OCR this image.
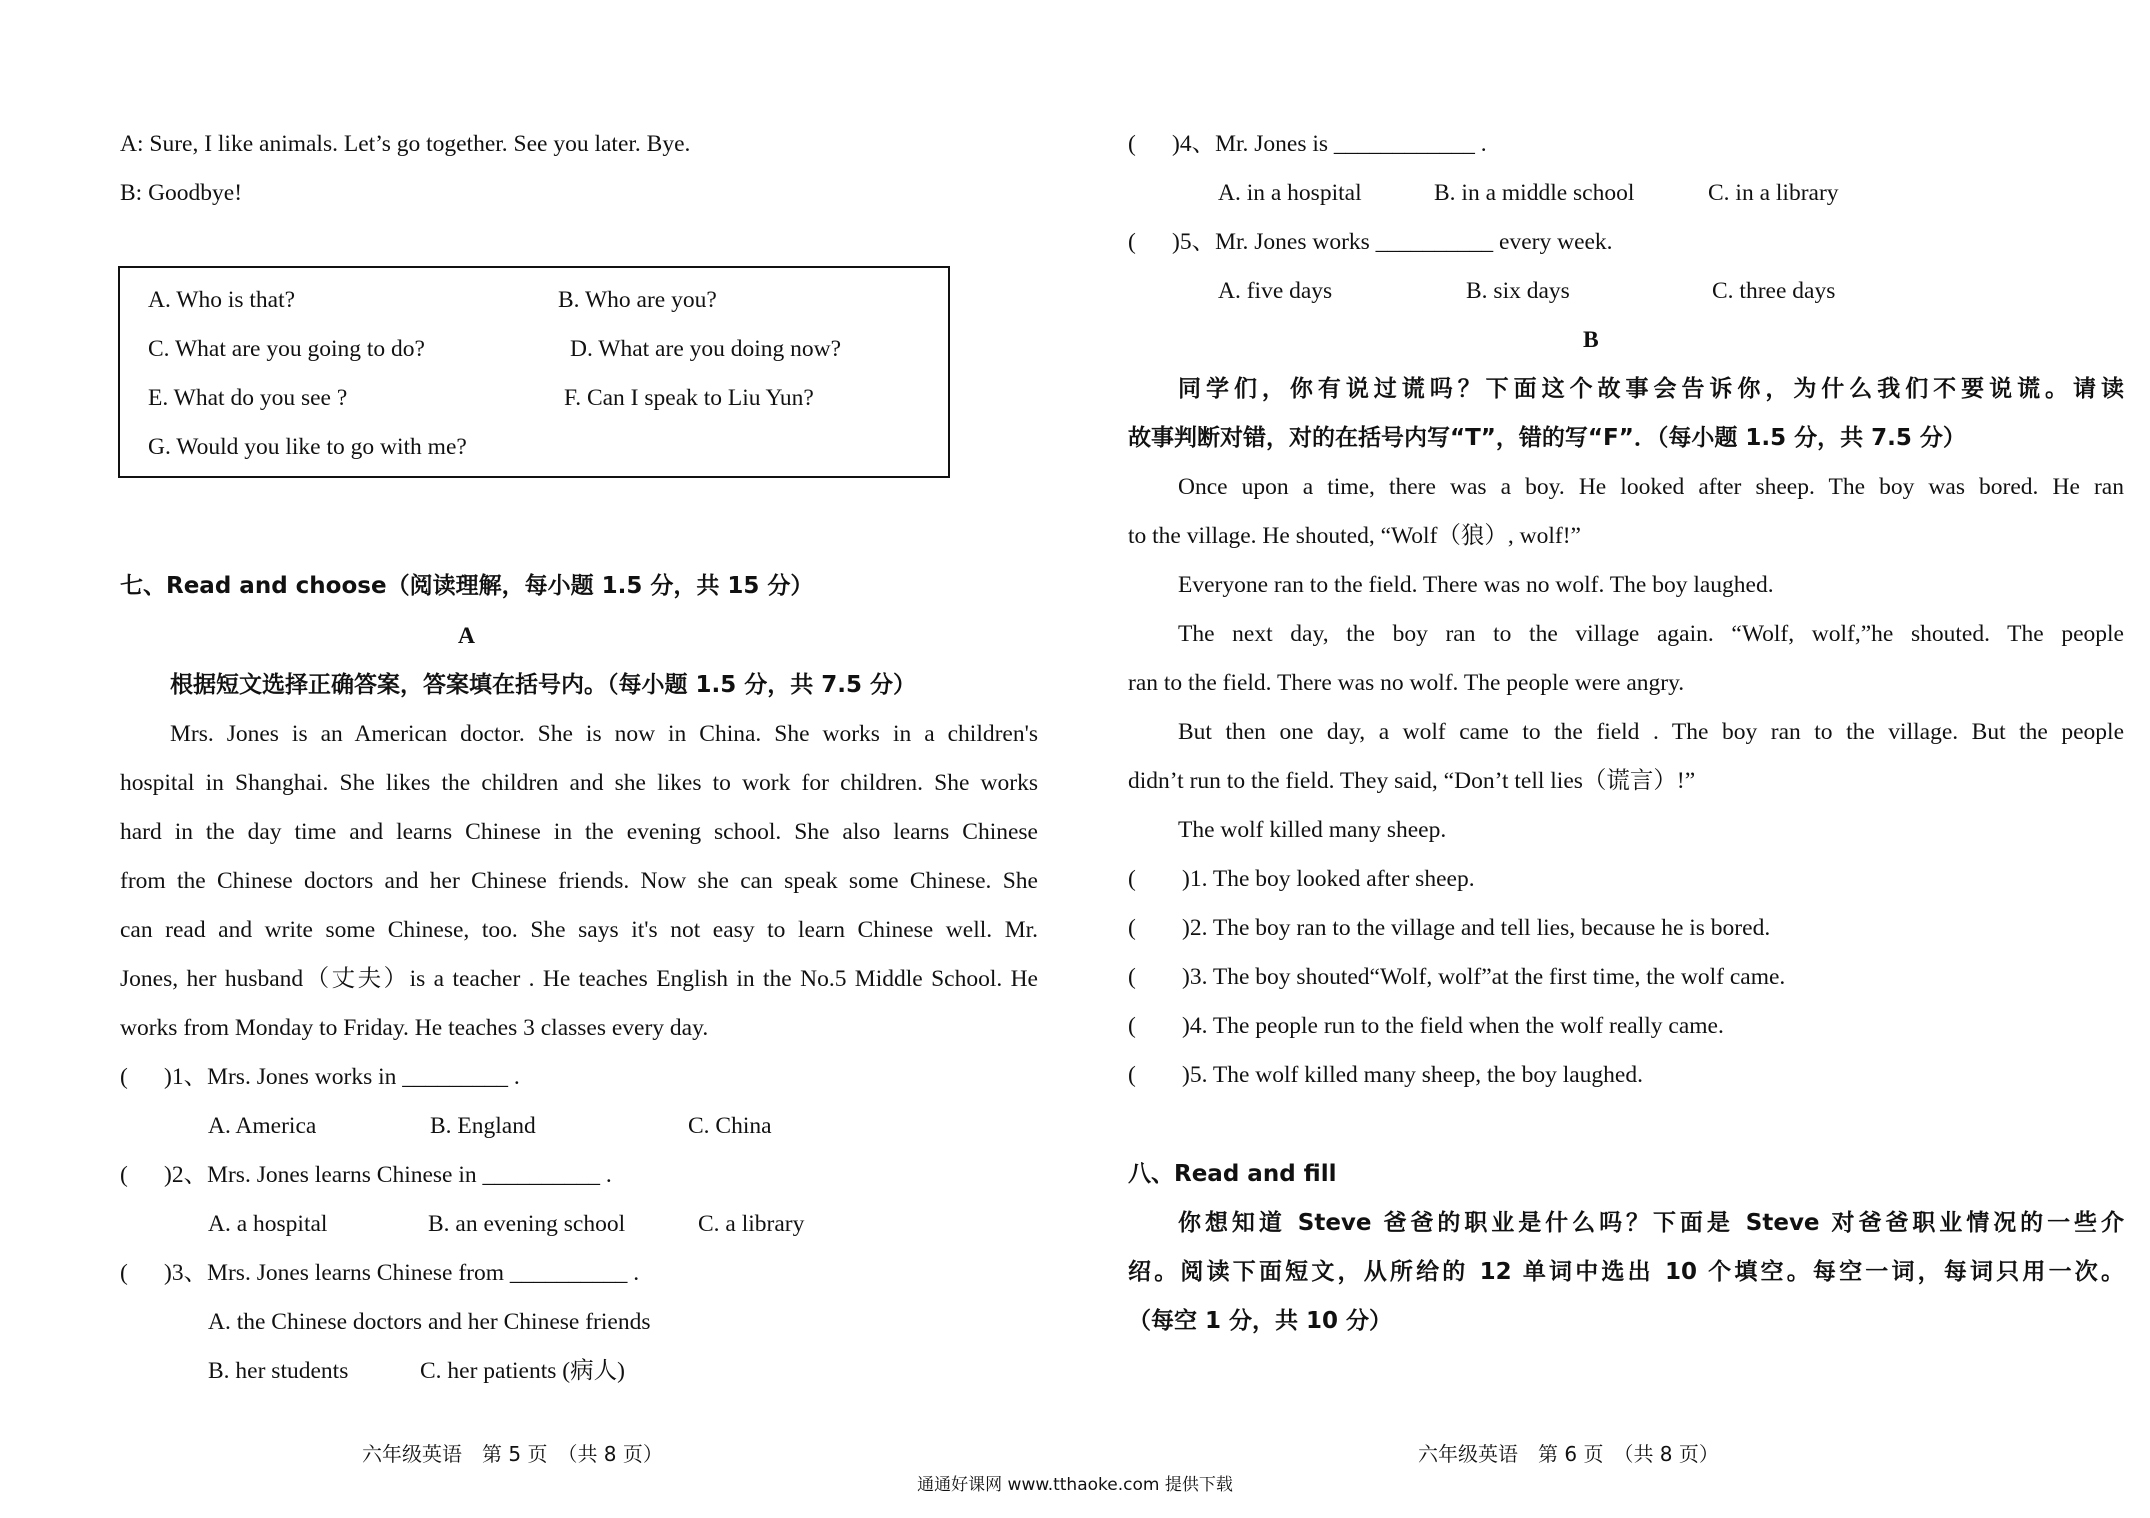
A: Sure, I like animals. Let’s go together. See you later. Bye.
B: Goodbye!
A. Who is that?	B. Who are you?
C. What are you going to do?	D. What are you doing now?
E. What do you see ?	F. Can I speak to Liu Yun?
G. Would you like to go with me?
七、Read and choose（阅读理解，每小题 1.5 分，共 15 分）
A
根据短文选择正确答案，答案填在括号内。（每小题 1.5 分，共 7.5 分）
Mrs. Jones is an American doctor. She is now in China. She works in a children's
hospital in Shanghai. She likes the children and she likes to work for children. She works
hard in the day time and learns Chinese in the evening school. She also learns Chinese
from the Chinese doctors and her Chinese friends. Now she can speak some Chinese. She
can read and write some Chinese, too. She says it's not easy to learn Chinese well. Mr.
Jones, her husband（丈夫）is a teacher . He teaches English in the No.5 Middle School. He
works from Monday to Friday. He teaches 3 classes every day.
( )1、Mrs. Jones works in _________ .
A. America	B. England	C. China
( )2、Mrs. Jones learns Chinese in __________ .
A. a hospital	B. an evening school	C. a library
( )3、Mrs. Jones learns Chinese from __________ .
A. the Chinese doctors and her Chinese friends
B. her students	C. her patients (病人)
六年级英语　第 5 页　（共 8 页）
( )4、Mr. Jones is ____________ .
A. in a hospital	B. in a middle school	C. in a library
( )5、Mr. Jones works __________ every week.
A. five days	B. six days	C. three days
B
同学们，你有说过谎吗？下面这个故事会告诉你，为什么我们不要说谎。请读
故事判断对错，对的在括号内写“T”，错的写“F”．（每小题 1.5 分，共 7.5 分）
Once upon a time, there was a boy. He looked after sheep. The boy was bored. He ran
to the village. He shouted, “Wolf（狼）, wolf!”
Everyone ran to the field. There was no wolf. The boy laughed.
The next day, the boy ran to the village again. “Wolf, wolf,”he shouted. The people
ran to the field. There was no wolf. The people were angry.
But then one day, a wolf came to the field . The boy ran to the village. But the people
didn’t run to the field. They said, “Don’t tell lies（谎言）!”
The wolf killed many sheep.
( )1. The boy looked after sheep.
( )2. The boy ran to the village and tell lies, because he is bored.
( )3. The boy shouted“Wolf, wolf”at the first time, the wolf came.
( )4. The people run to the field when the wolf really came.
( )5. The wolf killed many sheep, the boy laughed.
八、Read and fill
你想知道 Steve 爸爸的职业是什么吗？下面是 Steve 对爸爸职业情况的一些介
绍。阅读下面短文，从所给的 12 单词中选出 10 个填空。每空一词，每词只用一次。
（每空 1 分，共 10 分）
六年级英语　第 6 页　（共 8 页）
通通好课网 www.tthaoke.com 提供下载
